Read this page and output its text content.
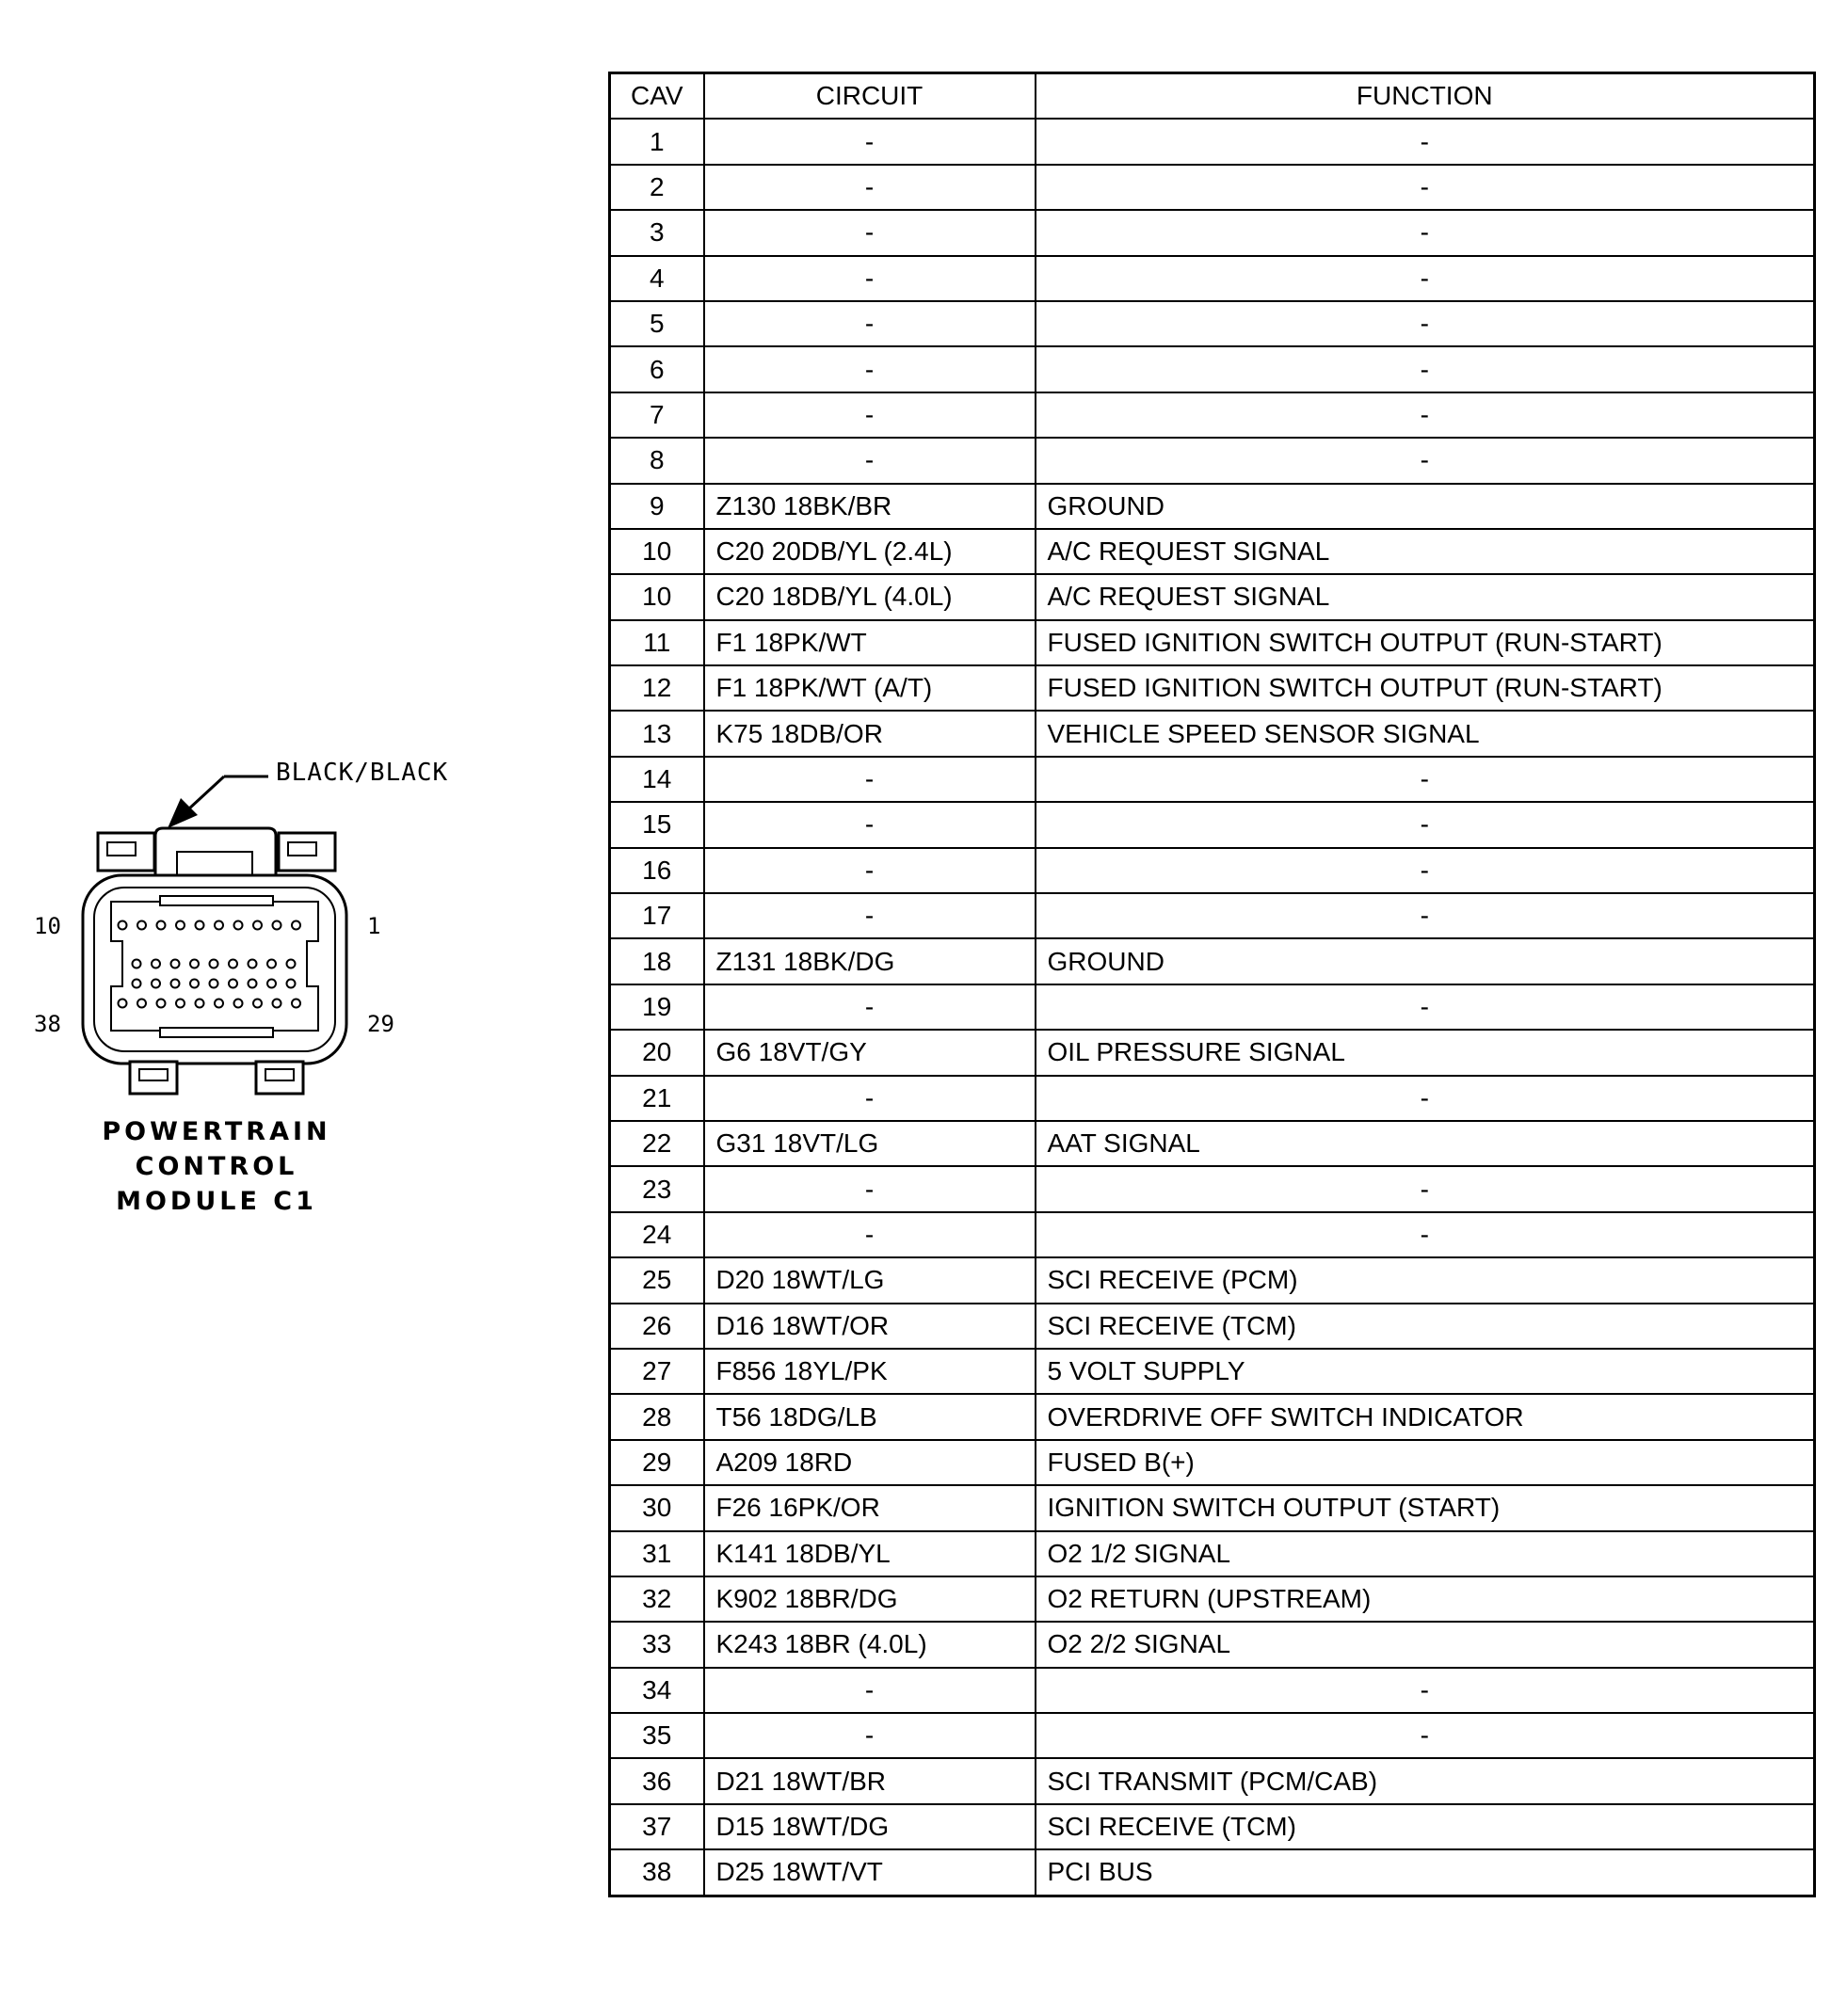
BLACK/BLACK
10	1
38	29
POWERTRAIN
CONTROL
MODULE C1
CAV	CIRCUIT	FUNCTION
1	-	-
2	-	-
3	-	-
4	-	-
5	-	-
6	-	-
7	-	-
8	-	-
9	Z130 18BK/BR	GROUND
10	C20 20DB/YL (2.4L)	A/C REQUEST SIGNAL
10	C20 18DB/YL (4.0L)	A/C REQUEST SIGNAL
11	F1 18PK/WT	FUSED IGNITION SWITCH OUTPUT (RUN-START)
12	F1 18PK/WT (A/T)	FUSED IGNITION SWITCH OUTPUT (RUN-START)
13	K75 18DB/OR	VEHICLE SPEED SENSOR SIGNAL
14	-	-
15	-	-
16	-	-
17	-	-
18	Z131 18BK/DG	GROUND
19	-	-
20	G6 18VT/GY	OIL PRESSURE SIGNAL
21	-	-
22	G31 18VT/LG	AAT SIGNAL
23	-	-
24	-	-
25	D20 18WT/LG	SCI RECEIVE (PCM)
26	D16 18WT/OR	SCI RECEIVE (TCM)
27	F856 18YL/PK	5 VOLT SUPPLY
28	T56 18DG/LB	OVERDRIVE OFF SWITCH INDICATOR
29	A209 18RD	FUSED B(+)
30	F26 16PK/OR	IGNITION SWITCH OUTPUT (START)
31	K141 18DB/YL	O2 1/2 SIGNAL
32	K902 18BR/DG	O2 RETURN (UPSTREAM)
33	K243 18BR (4.0L)	O2 2/2 SIGNAL
34	-	-
35	-	-
36	D21 18WT/BR	SCI TRANSMIT (PCM/CAB)
37	D15 18WT/DG	SCI RECEIVE (TCM)
38	D25 18WT/VT	PCI BUS
